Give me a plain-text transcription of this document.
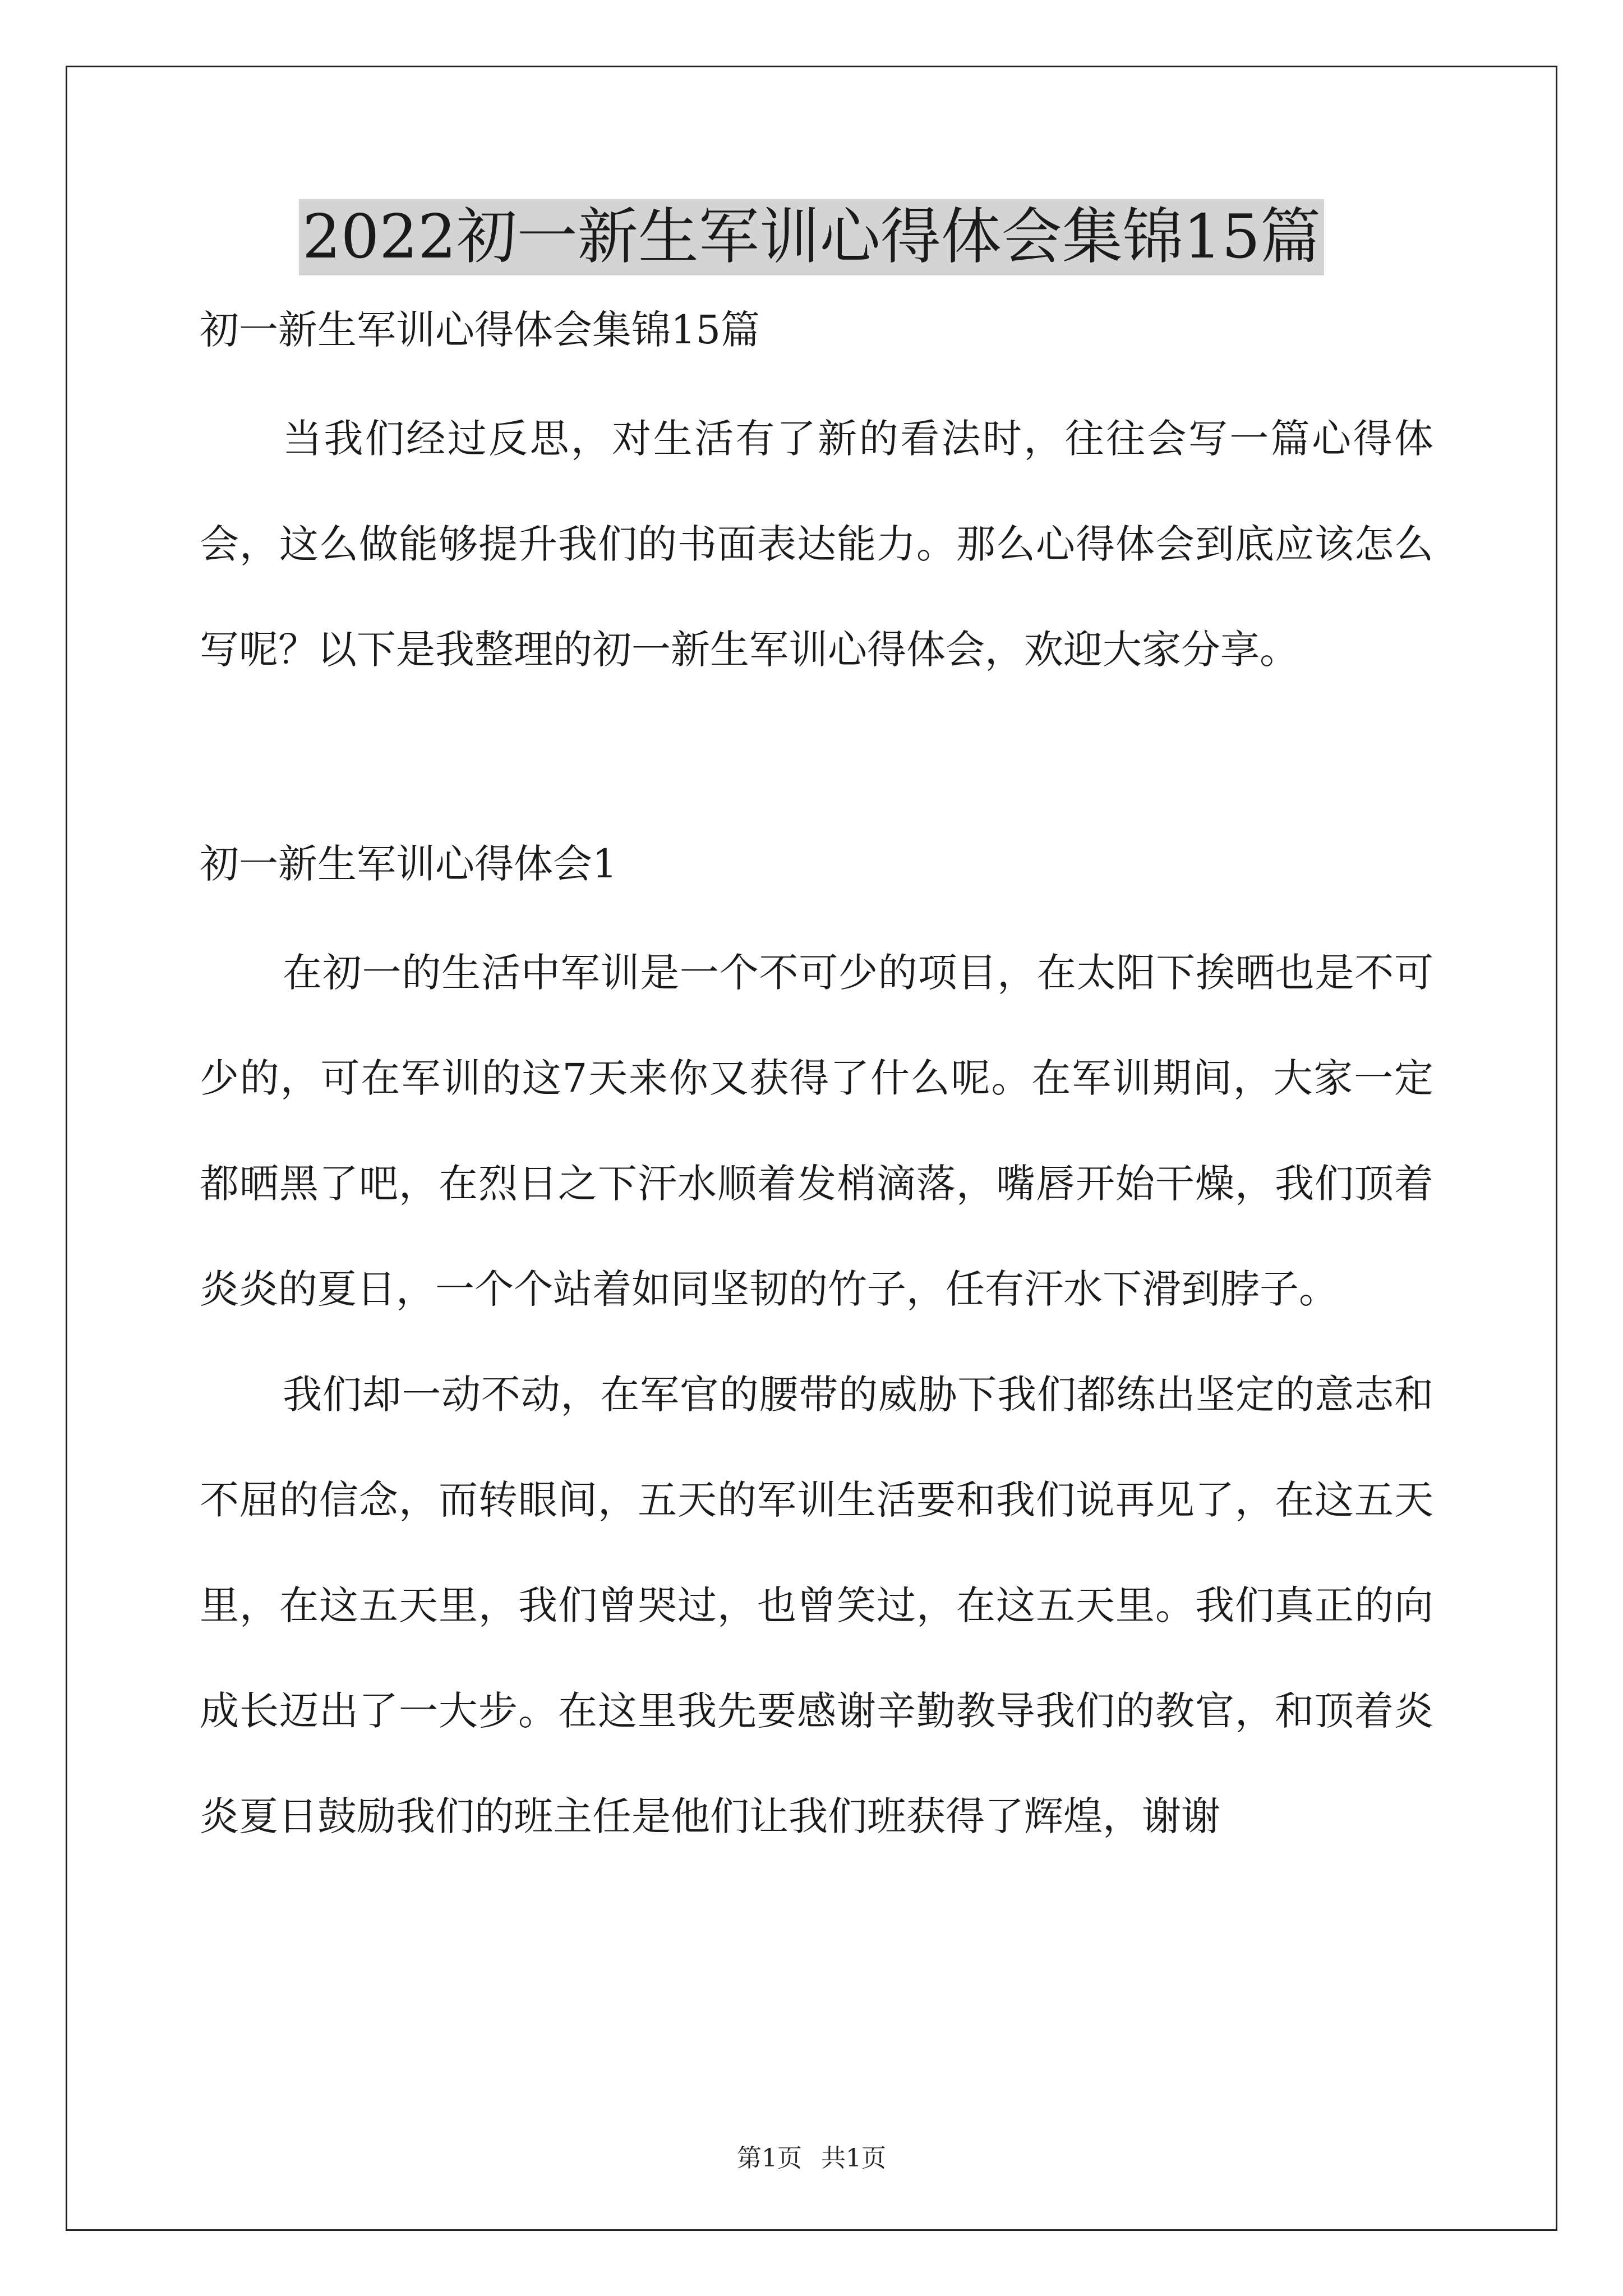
2022初一新生军训心得体会集锦15篇

初一新生军训心得体会集锦15篇

当我们经过反思，对生活有了新的看法时，往往会写一篇心得体会，这么做能够提升我们的书面表达能力。那么心得体会到底应该怎么写呢？以下是我整理的初一新生军训心得体会，欢迎大家分享。

初一新生军训心得体会1

在初一的生活中军训是一个不可少的项目，在太阳下挨晒也是不可少的，可在军训的这7天来你又获得了什么呢。在军训期间，大家一定都晒黑了吧，在烈日之下汗水顺着发梢滴落，嘴唇开始干燥，我们顶着炎炎的夏日，一个个站着如同坚韧的竹子，任有汗水下滑到脖子。

我们却一动不动，在军官的腰带的威胁下我们都练出坚定的意志和不屈的信念，而转眼间，五天的军训生活要和我们说再见了，在这五天里，在这五天里，我们曾哭过，也曾笑过，在这五天里。我们真正的向成长迈出了一大步。在这里我先要感谢辛勤教导我们的教官，和顶着炎炎夏日鼓励我们的班主任是他们让我们班获得了辉煌，谢谢

第1页 共1页
